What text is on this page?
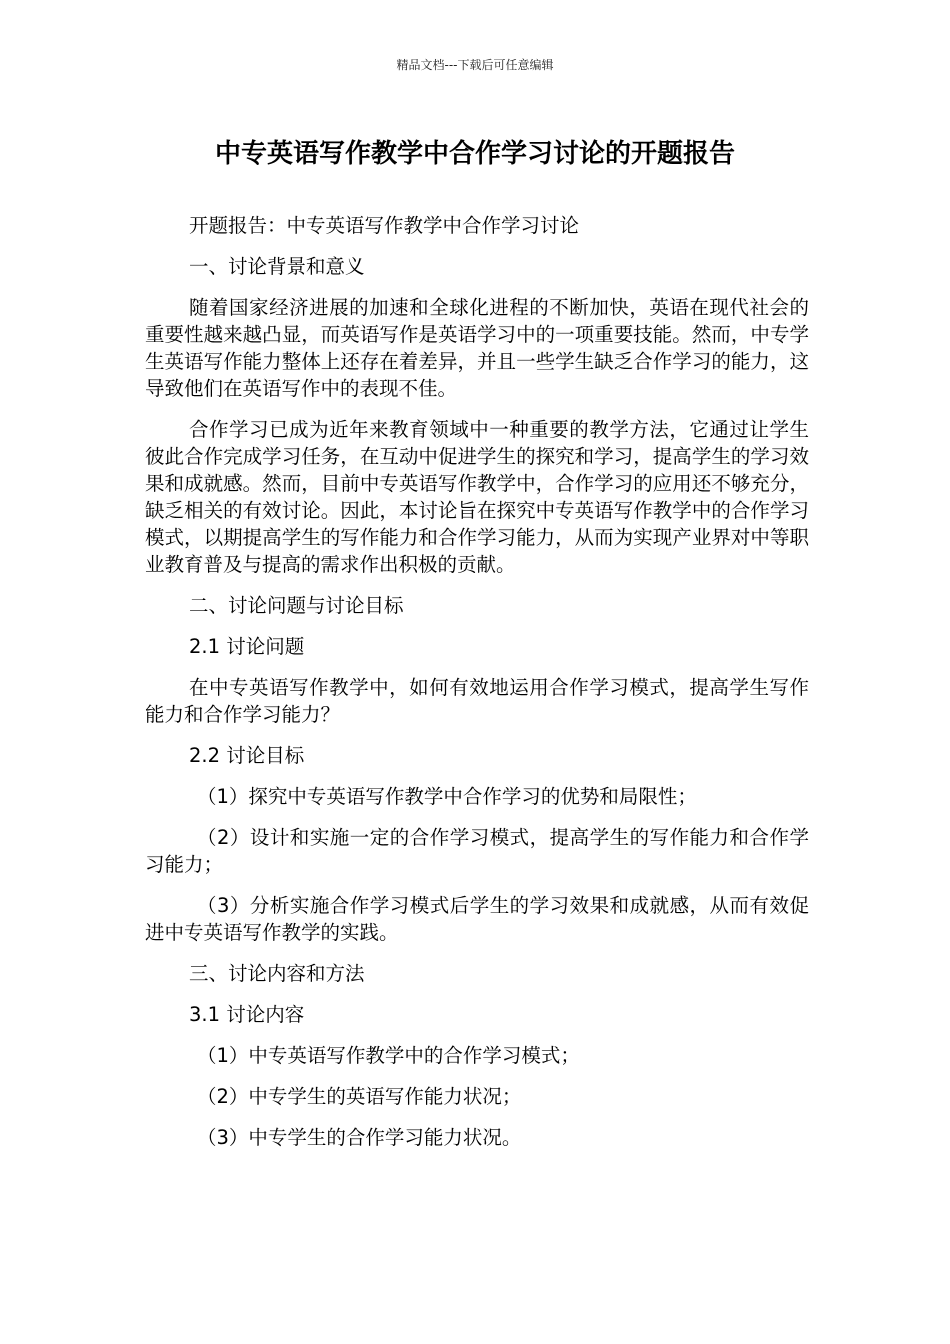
精品文档---下载后可任意编辑
中专英语写作教学中合作学习讨论的开题报告

开题报告：中专英语写作教学中合作学习讨论

一、讨论背景和意义

随着国家经济进展的加速和全球化进程的不断加快，英语在现代社会的重要性越来越凸显，而英语写作是英语学习中的一项重要技能。然而，中专学生英语写作能力整体上还存在着差异，并且一些学生缺乏合作学习的能力，这导致他们在英语写作中的表现不佳。

合作学习已成为近年来教育领域中一种重要的教学方法，它通过让学生彼此合作完成学习任务，在互动中促进学生的探究和学习，提高学生的学习效果和成就感。然而，目前中专英语写作教学中，合作学习的应用还不够充分，缺乏相关的有效讨论。因此，本讨论旨在探究中专英语写作教学中的合作学习模式，以期提高学生的写作能力和合作学习能力，从而为实现产业界对中等职业教育普及与提高的需求作出积极的贡献。

二、讨论问题与讨论目标

2.1 讨论问题

在中专英语写作教学中，如何有效地运用合作学习模式，提高学生写作能力和合作学习能力？

2.2 讨论目标

（1）探究中专英语写作教学中合作学习的优势和局限性；

（2）设计和实施一定的合作学习模式，提高学生的写作能力和合作学习能力；

（3）分析实施合作学习模式后学生的学习效果和成就感，从而有效促进中专英语写作教学的实践。

三、讨论内容和方法

3.1 讨论内容

（1）中专英语写作教学中的合作学习模式；

（2）中专学生的英语写作能力状况；

（3）中专学生的合作学习能力状况。
